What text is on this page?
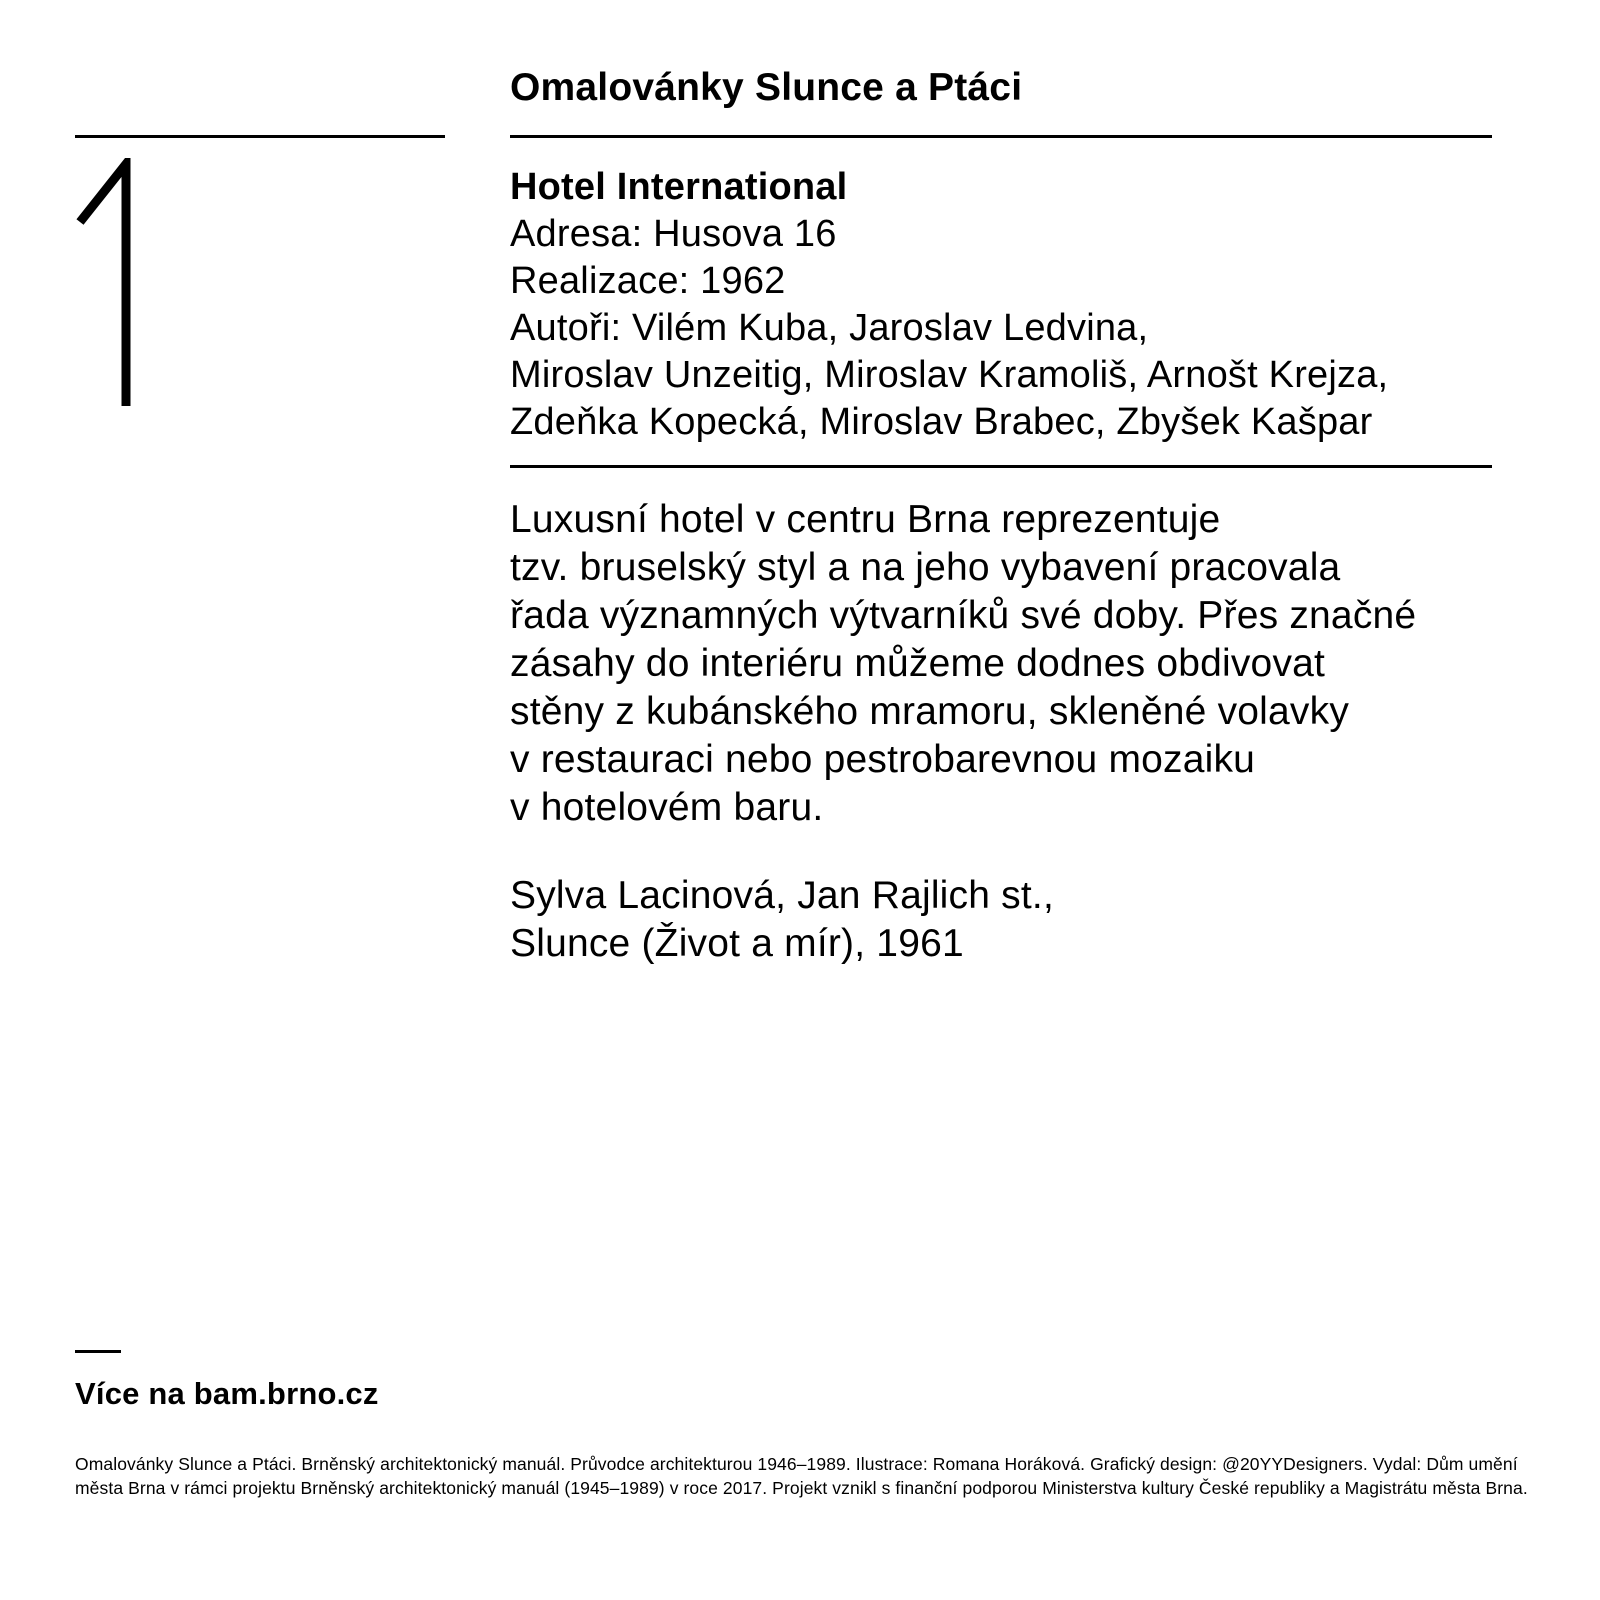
Omalovánky Slunce a Ptáci
Hotel International
Adresa: Husova 16
Realizace: 1962
Autoři: Vilém Kuba, Jaroslav Ledvina,
Miroslav Unzeitig, Miroslav Kramoliš, Arnošt Krejza,
Zdeňka Kopecká, Miroslav Brabec, Zbyšek Kašpar
Luxusní hotel v centru Brna reprezentuje
tzv. bruselský styl a na jeho vybavení pracovala
řada významných výtvarníků své doby. Přes značné
zásahy do interiéru můžeme dodnes obdivovat
stěny z kubánského mramoru, skleněné volavky
v restauraci nebo pestrobarevnou mozaiku
v hotelovém baru.
Sylva Lacinová, Jan Rajlich st.,
Slunce (Život a mír), 1961
Více na bam.brno.cz
Omalovánky Slunce a Ptáci. Brněnský architektonický manuál. Průvodce architekturou 1946–1989. Ilustrace: Romana Horáková. Grafický design: @20YYDesigners. Vydal: Dům umění
města Brna v rámci projektu Brněnský architektonický manuál (1945–1989) v roce 2017. Projekt vznikl s finanční podporou Ministerstva kultury České republiky a Magistrátu města Brna.
